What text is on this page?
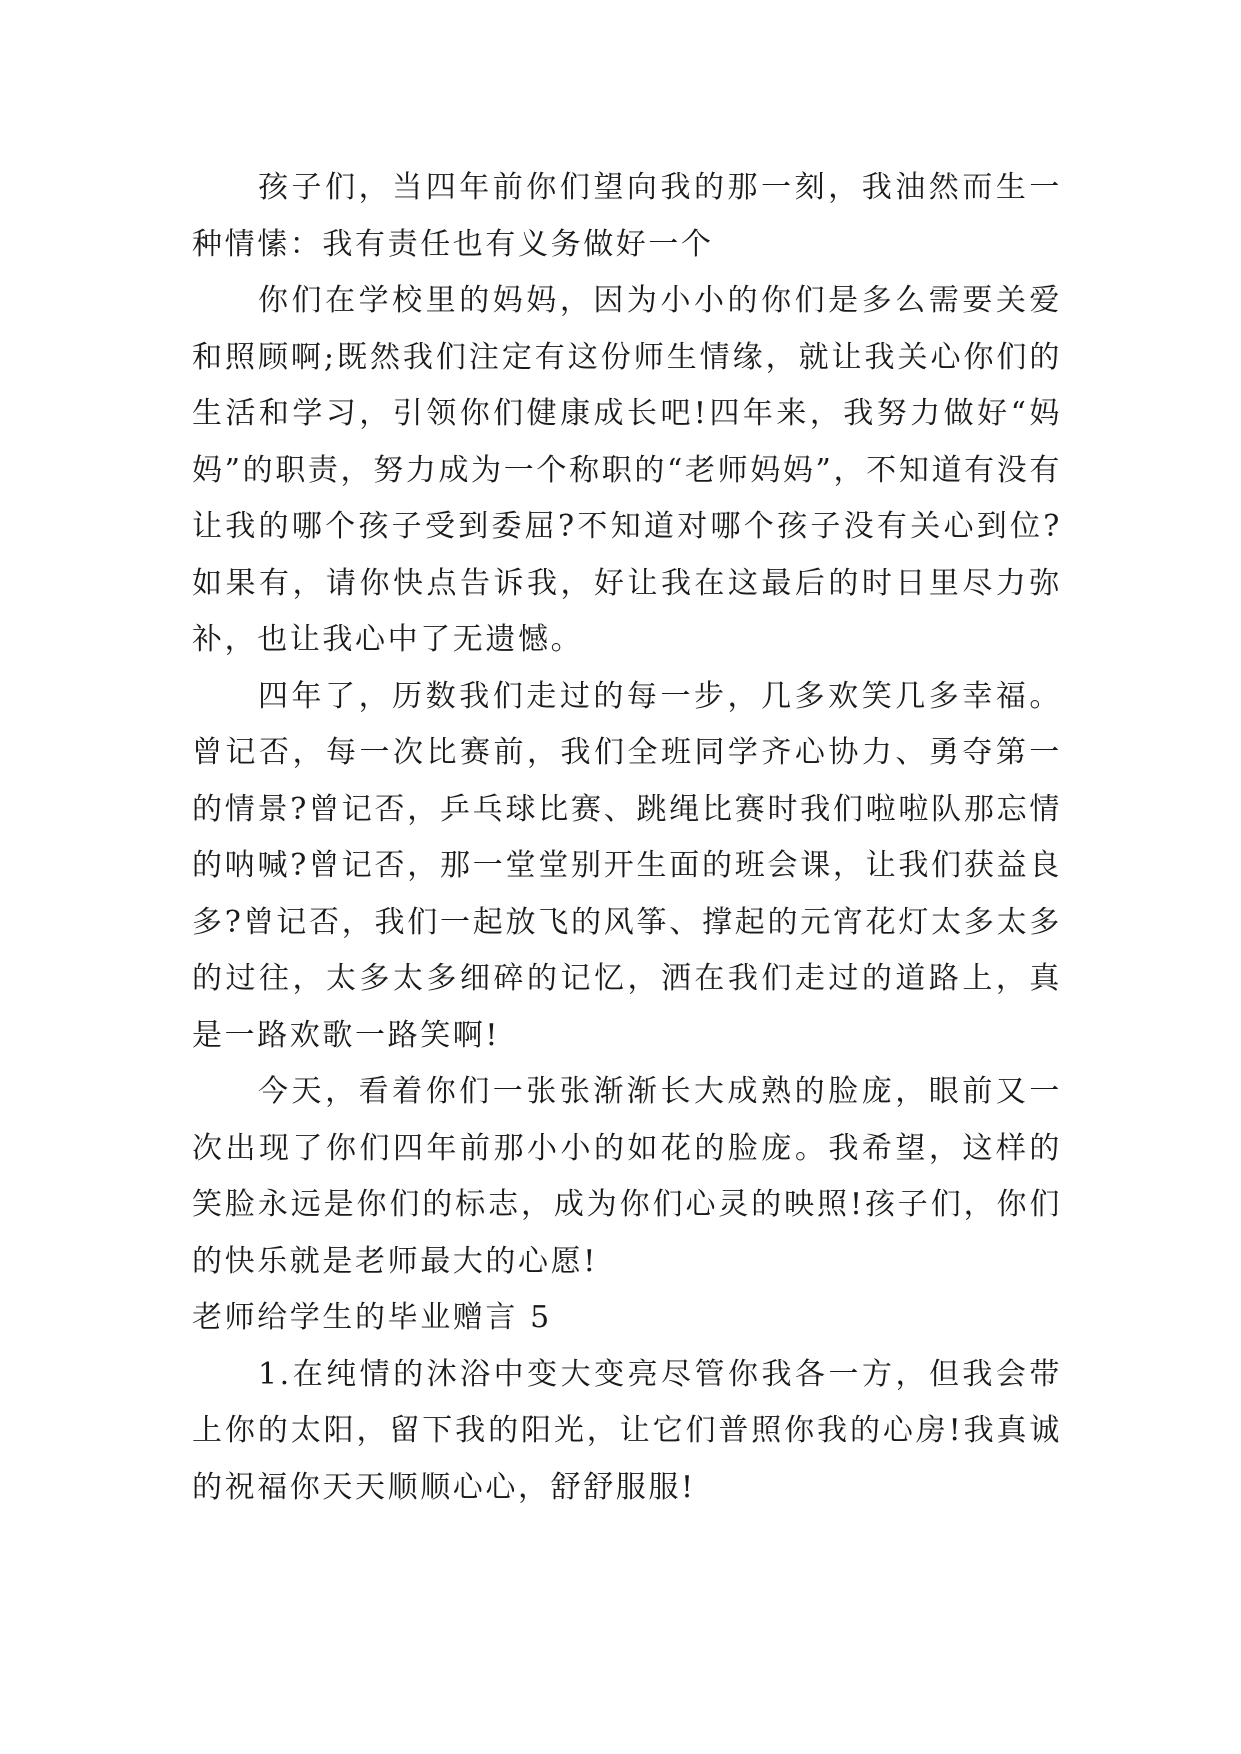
孩子们，当四年前你们望向我的那一刻，我油然而生一种情愫：我有责任也有义务做好一个

你们在学校里的妈妈，因为小小的你们是多么需要关爱和照顾啊;既然我们注定有这份师生情缘，就让我关心你们的生活和学习，引领你们健康成长吧!四年来，我努力做好“妈妈”的职责，努力成为一个称职的“老师妈妈”，不知道有没有让我的哪个孩子受到委屈?不知道对哪个孩子没有关心到位?如果有，请你快点告诉我，好让我在这最后的时日里尽力弥补，也让我心中了无遗憾。

四年了，历数我们走过的每一步，几多欢笑几多幸福。曾记否，每一次比赛前，我们全班同学齐心协力、勇夺第一的情景?曾记否，乒乓球比赛、跳绳比赛时我们啦啦队那忘情的呐喊?曾记否，那一堂堂别开生面的班会课，让我们获益良多?曾记否，我们一起放飞的风筝、撑起的元宵花灯太多太多的过往，太多太多细碎的记忆，洒在我们走过的道路上，真是一路欢歌一路笑啊!

今天，看着你们一张张渐渐长大成熟的脸庞，眼前又一次出现了你们四年前那小小的如花的脸庞。我希望，这样的笑脸永远是你们的标志，成为你们心灵的映照!孩子们，你们的快乐就是老师最大的心愿!

老师给学生的毕业赠言 5

1.在纯情的沐浴中变大变亮尽管你我各一方，但我会带上你的太阳，留下我的阳光，让它们普照你我的心房!我真诚的祝福你天天顺顺心心，舒舒服服!
